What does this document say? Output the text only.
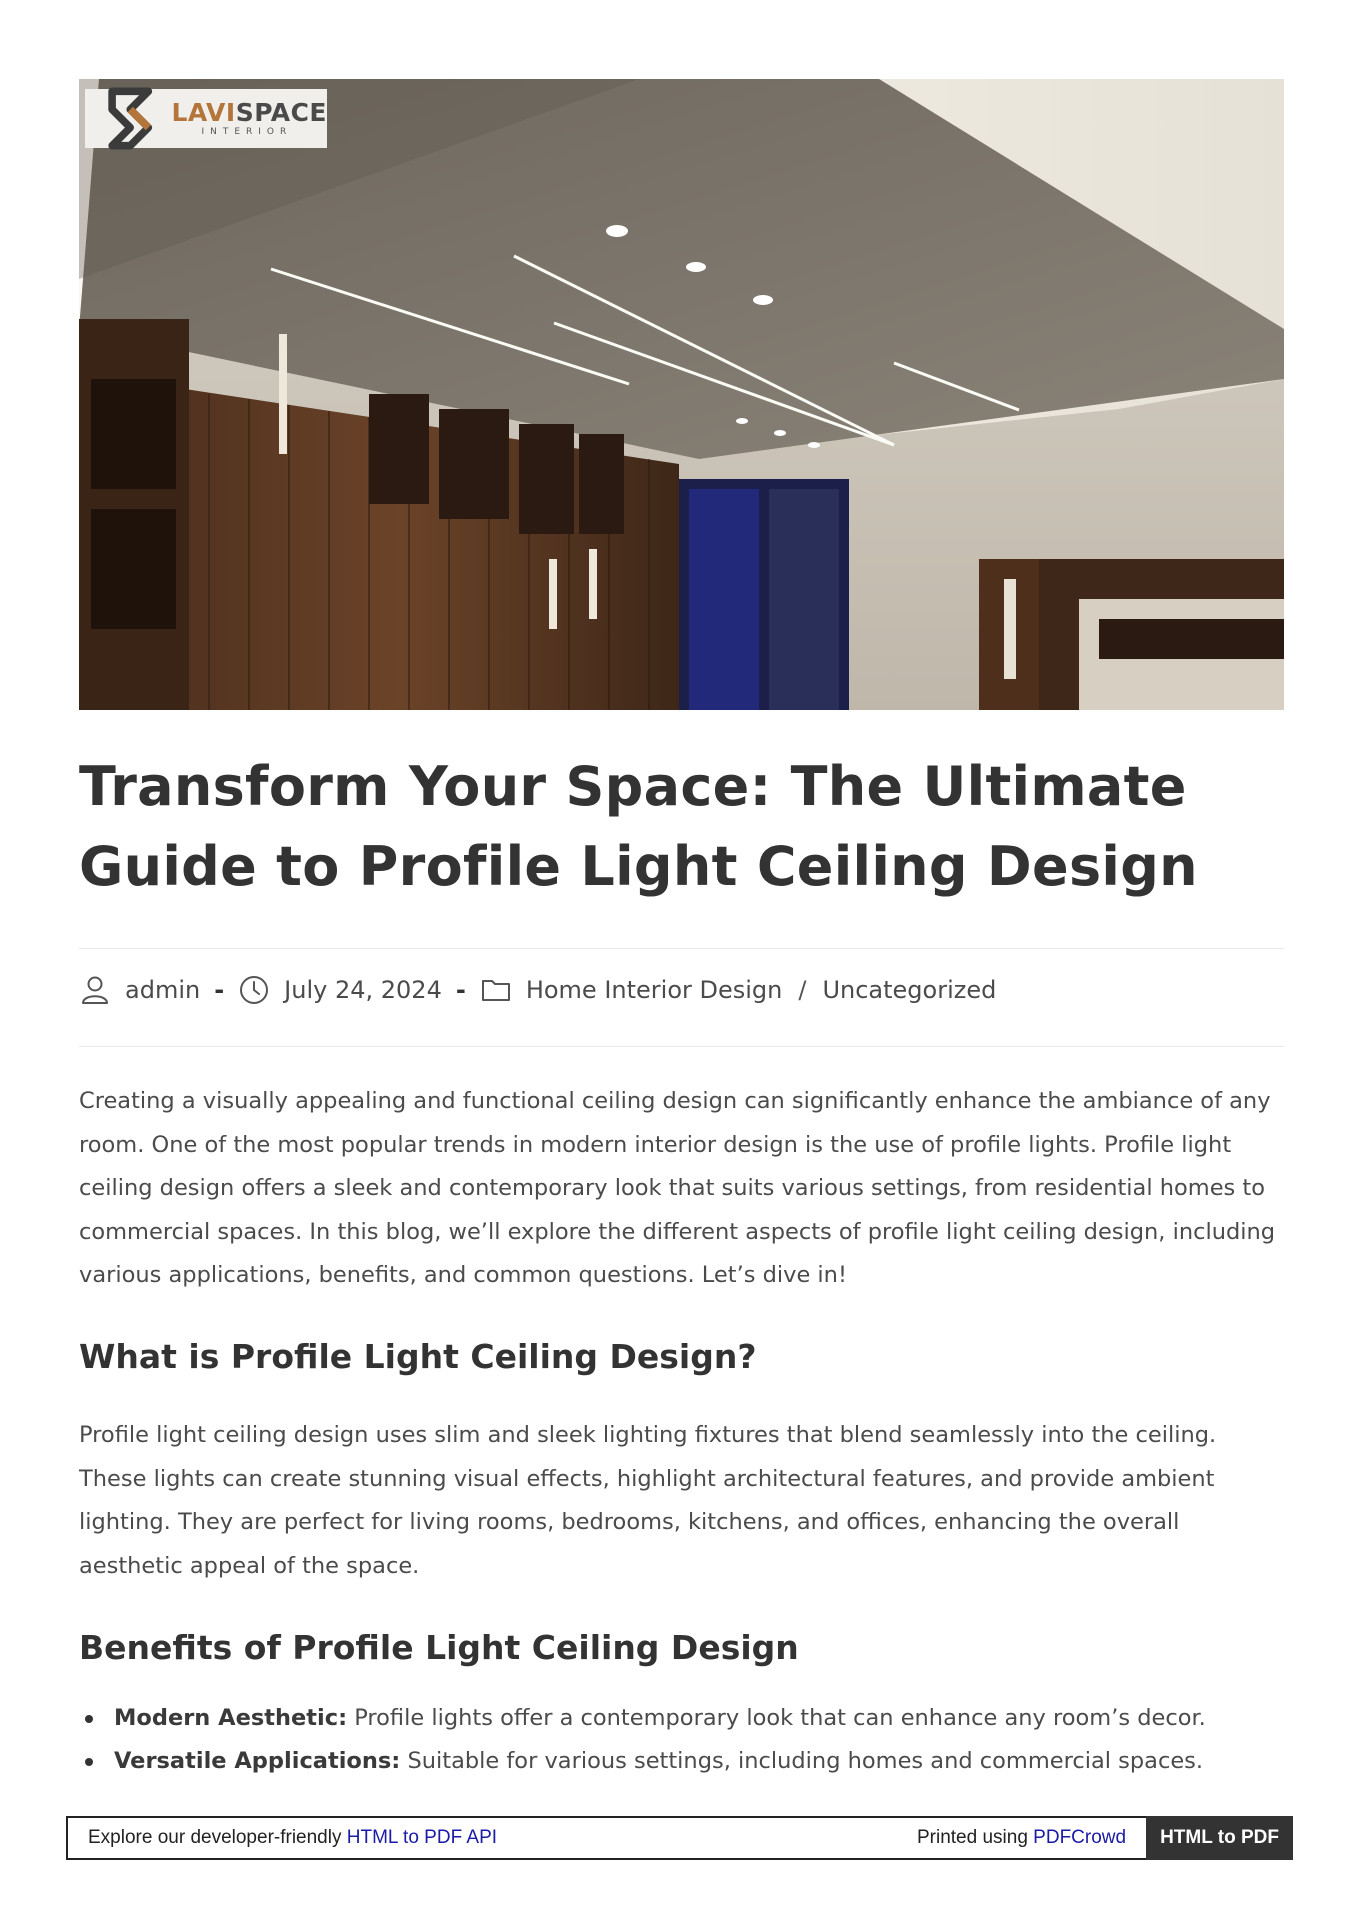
LAVISPACE
INTERIOR
Transform Your Space: The Ultimate Guide to Profile Light Ceiling Design
admin -	July 24, 2024 -	Home Interior Design / Uncategorized

Creating a visually appealing and functional ceiling design can significantly enhance the ambiance of any room. One of the most popular trends in modern interior design is the use of profile lights. Profile light ceiling design offers a sleek and contemporary look that suits various settings, from residential homes to commercial spaces. In this blog, we’ll explore the different aspects of profile light ceiling design, including various applications, benefits, and common questions. Let’s dive in!

What is Profile Light Ceiling Design?

Profile light ceiling design uses slim and sleek lighting fixtures that blend seamlessly into the ceiling. These lights can create stunning visual effects, highlight architectural features, and provide ambient lighting. They are perfect for living rooms, bedrooms, kitchens, and offices, enhancing the overall aesthetic appeal of the space.

Benefits of Profile Light Ceiling Design
Modern Aesthetic: Profile lights offer a contemporary look that can enhance any room’s decor.
Versatile Applications: Suitable for various settings, including homes and commercial spaces.
Explore our developer-friendly HTML to PDF API	Printed using PDFCrowd	HTML to PDF
